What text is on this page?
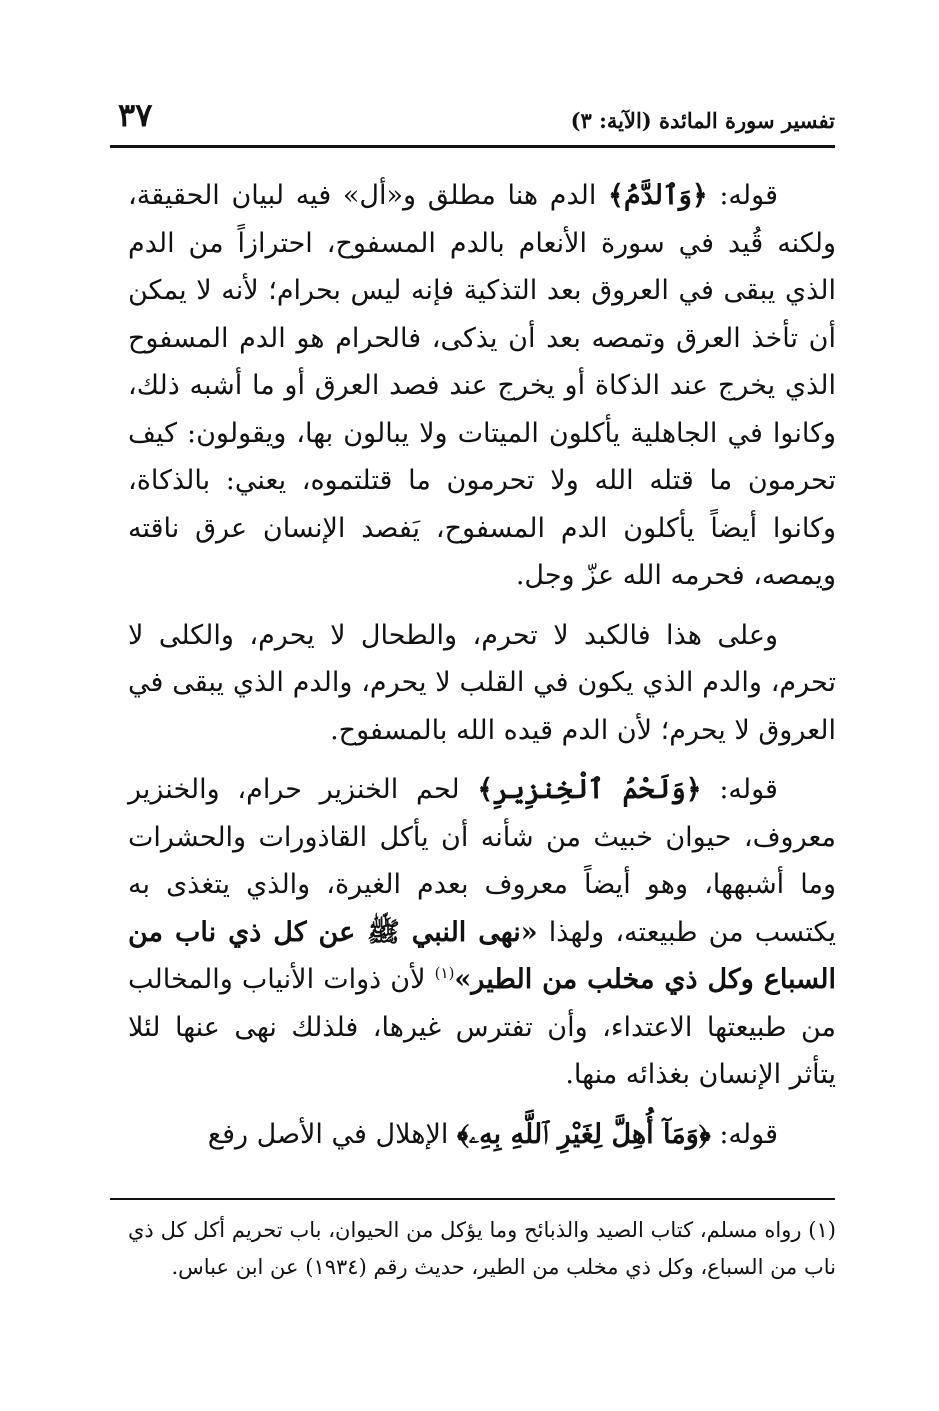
تفسير سورة المائدة (الآية: ٣)
٣٧

قوله: ﴿وَٱلدَّمُ﴾ الدم هنا مطلق و«أل» فيه لبيان الحقيقة، ولكنه قُيد في سورة الأنعام بالدم المسفوح، احترازاً من الدم الذي يبقى في العروق بعد التذكية فإنه ليس بحرام؛ لأنه لا يمكن أن تأخذ العرق وتمصه بعد أن يذكى، فالحرام هو الدم المسفوح الذي يخرج عند الذكاة أو يخرج عند فصد العرق أو ما أشبه ذلك، وكانوا في الجاهلية يأكلون الميتات ولا يبالون بها، ويقولون: كيف تحرمون ما قتله الله ولا تحرمون ما قتلتموه، يعني: بالذكاة، وكانوا أيضاً يأكلون الدم المسفوح، يَفصد الإنسان عرق ناقته ويمصه، فحرمه الله عزّ وجل.

وعلى هذا فالكبد لا تحرم، والطحال لا يحرم، والكلى لا تحرم، والدم الذي يكون في القلب لا يحرم، والدم الذي يبقى في العروق لا يحرم؛ لأن الدم قيده الله بالمسفوح.

قوله: ﴿وَلَحْمُ ٱلْخِنزِيرِ﴾ لحم الخنزير حرام، والخنزير معروف، حيوان خبيث من شأنه أن يأكل القاذورات والحشرات وما أشبهها، وهو أيضاً معروف بعدم الغيرة، والذي يتغذى به يكتسب من طبيعته، ولهذا «نهى النبي ﷺ عن كل ذي ناب من السباع وكل ذي مخلب من الطير»$^{(١)}$ لأن ذوات الأنياب والمخالب من طبيعتها الاعتداء، وأن تفترس غيرها، فلذلك نهى عنها لئلا يتأثر الإنسان بغذائه منها.

قوله: ﴿وَمَآ أُهِلَّ لِغَيْرِ ٱللَّهِ بِهِۦ﴾ الإهلال في الأصل رفع

(١) رواه مسلم، كتاب الصيد والذبائح وما يؤكل من الحيوان، باب تحريم أكل كل ذي ناب من السباع، وكل ذي مخلب من الطير، حديث رقم (١٩٣٤) عن ابن عباس.
